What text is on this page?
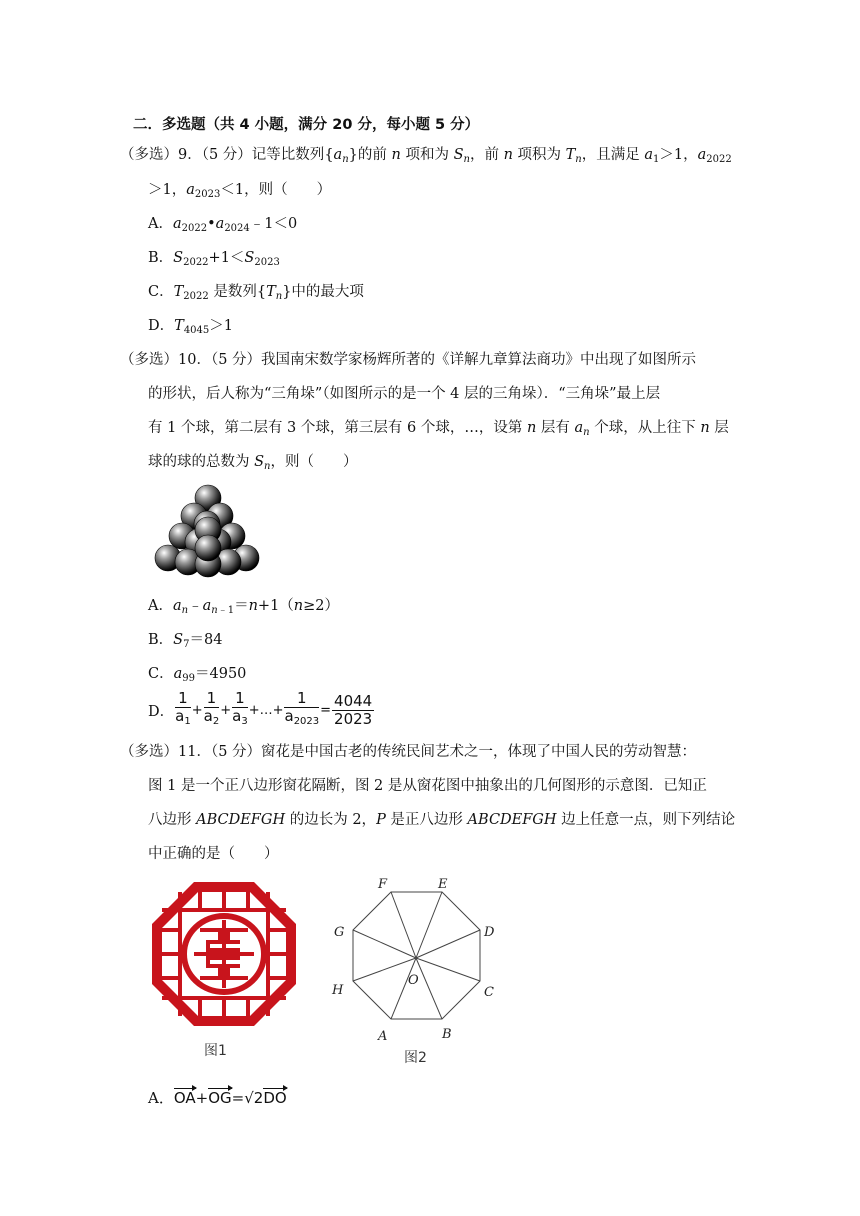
二．多选题（共 4 小题，满分 20 分，每小题 5 分）
（多选）9．（5 分）记等比数列$\{a_n\}$的前 n 项和为 $S_n$，前 n 项积为 $T_n$，且满足 $a_1>1$，$a_{2022}$
＞1，$a_{2023}<1$，则（　　）
A．$a_{2022}•a_{2024}﹣1<0$
B．$S_{2022}+1<S_{2023}$
C．$T_{2022}$ 是数列$\{T_n\}$中的最大项
D．$T_{4045}>1$
（多选）10．（5 分）我国南宋数学家杨辉所著的《详解九章算法商功》中出现了如图所示
的形状，后人称为“三角垛”（如图所示的是一个 4 层的三角垛）．“三角垛”最上层
有 1 个球，第二层有 3 个球，第三层有 6 个球，…，设第 n 层有 $a_n$ 个球，从上往下 n 层
球的球的总数为 $S_n$，则（　　）
A．$a_n﹣a_{n﹣1}=n+1(n\ge 2)$
B．$S_7=84$
C．$a_{99}=4950$
D． $\frac{1}{a_1} + \frac{1}{a_2} + \frac{1}{a_3}$ +…+ $\frac{1}{a_{2023}} = \frac{4044}{2023}$
（多选）11．（5 分）窗花是中国古老的传统民间艺术之一，体现了中国人民的劳动智慧：
图 1 是一个正八边形窗花隔断，图 2 是从窗花图中抽象出的几何图形的示意图．已知正
八边形 ABCDEFGH 的边长为 2，P 是正八边形 ABCDEFGH 边上任意一点，则下列结论
中正确的是（　　）
图1
F	E
G	D
H
O
C
A	B
图2
A．OA+OG=√2DO
